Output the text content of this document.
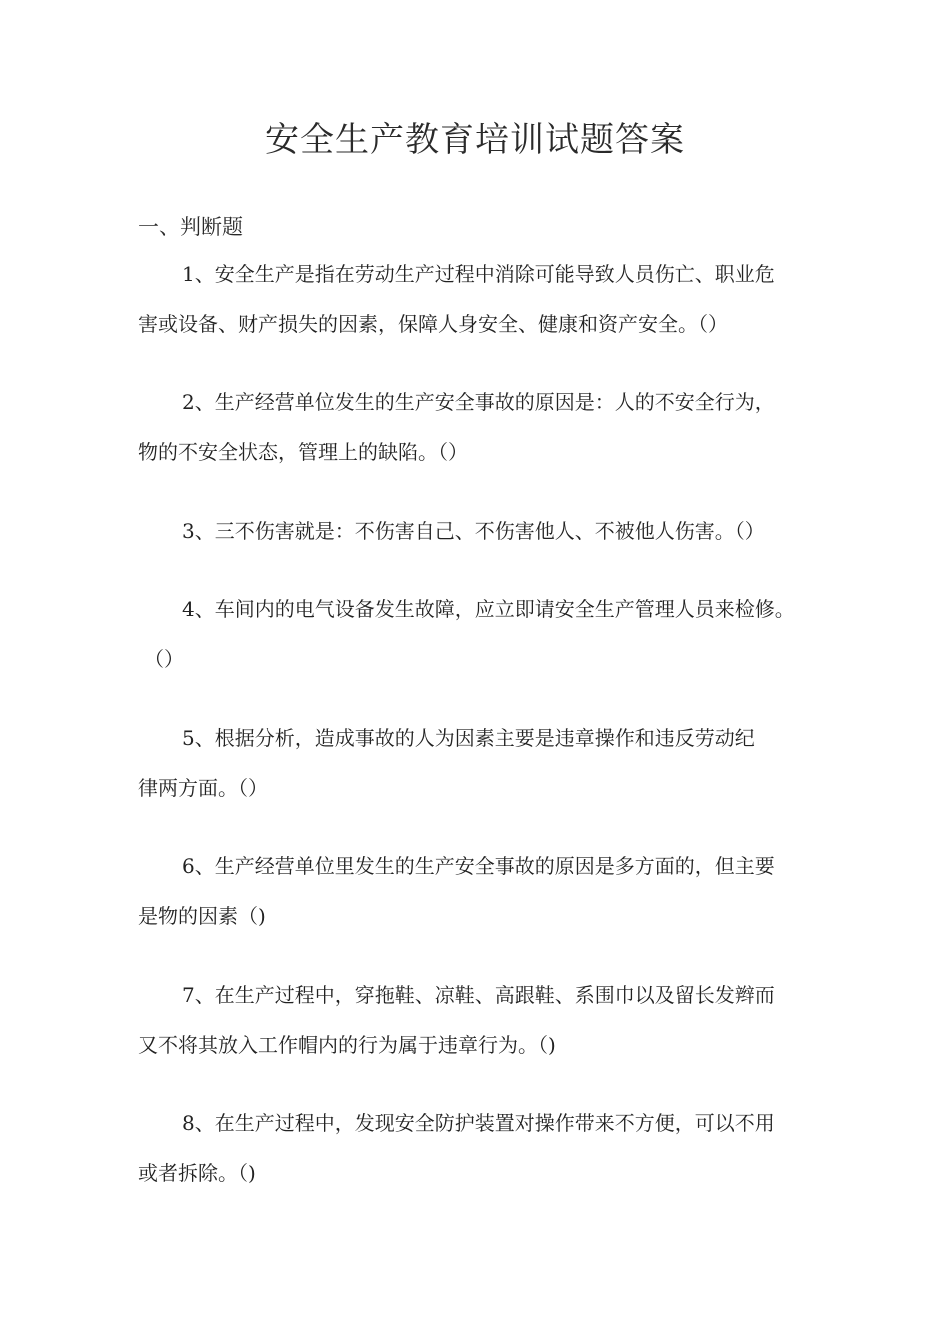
安全生产教育培训试题答案
一、判断题
1、安全生产是指在劳动生产过程中消除可能导致人员伤亡、职业危
害或设备、财产损失的因素，保障人身安全、健康和资产安全。（）
2、生产经营单位发生的生产安全事故的原因是：人的不安全行为，
物的不安全状态，管理上的缺陷。（）
3、三不伤害就是：不伤害自己、不伤害他人、不被他人伤害。（）
4、车间内的电气设备发生故障，应立即请安全生产管理人员来检修。
（）
5、根据分析，造成事故的人为因素主要是违章操作和违反劳动纪
律两方面。（）
6、生产经营单位里发生的生产安全事故的原因是多方面的，但主要
是物的因素（)
7、在生产过程中，穿拖鞋、凉鞋、高跟鞋、系围巾以及留长发辫而
又不将其放入工作帽内的行为属于违章行为。（)
8、在生产过程中，发现安全防护装置对操作带来不方便，可以不用
或者拆除。（)
